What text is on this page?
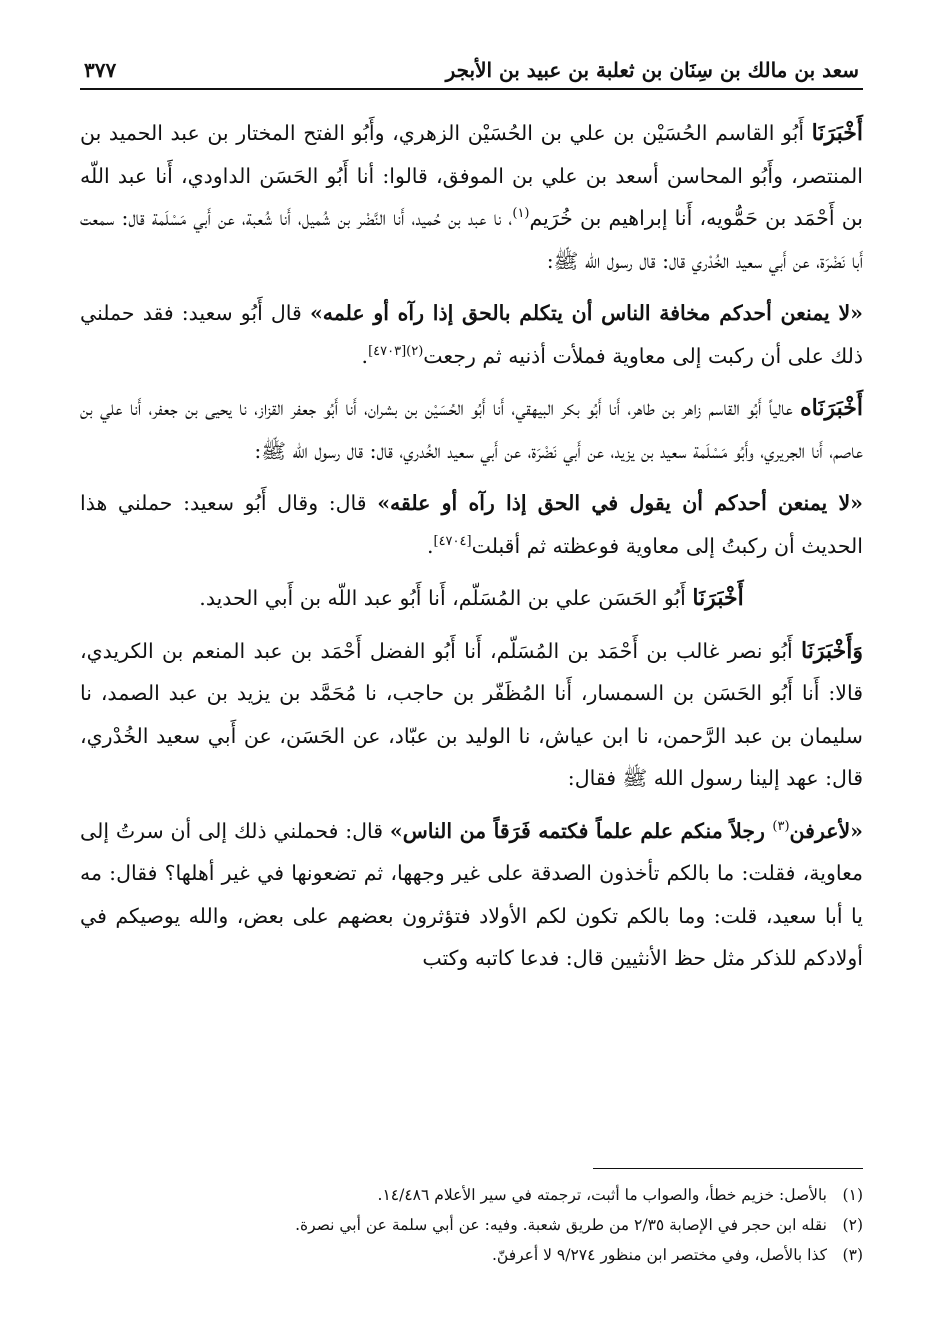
سعد بن مالك بن سِنَان بن ثعلبة بن عبيد بن الأبجر
٣٧٧

أَخْبَرَنَا أَبُو القاسم الحُسَيْن بن علي بن الحُسَيْن الزهري، وأَبُو الفتح المختار بن عبد الحميد بن المنتصر، وأَبُو المحاسن أسعد بن علي بن الموفق، قالوا: أنا أَبُو الحَسَن الداودي، أَنا عبد اللّه بن أَحْمَد بن حَمُّويه، أَنا إبراهيم بن خُرَيم$^{(١)}$، نا عبد بن حُميد، أَنا النَّضْر بن شُميل، أَنا شُعبة، عن أَبي مَسْلَمة قال: سمعت أَبا نَضْرَة، عن أَبي سعيد الخُدْري قال: قال رسول الله ﷺ:

«لا يمنعن أحدكم مخافة الناس أن يتكلم بالحق إذا رآه أو علمه» قال أَبُو سعيد: فقد حملني ذلك على أن ركبت إلى معاوية فملأت أذنيه ثم رجعت$^{(٢)[٤٧٠٣]}$.

أَخْبَرَنَاه عالياً أَبُو القاسم زاهر بن طاهر، أَنا أَبُو بكر البيهقي، أَنا أَبُو الحُسَيْن بن بشران، أَنا أَبُو جعفر القزاز، نا يحيى بن جعفر، أَنا علي بن عاصم، أَنا الجريري، وأَبُو مَسْلَمة سعيد بن يزيد، عن أَبي نَضْرَة، عن أَبي سعيد الخُدري، قال: قال رسول الله ﷺ:

«لا يمنعن أحدكم أن يقول في الحق إذا رآه أو علقه» قال: وقال أَبُو سعيد: حملني هذا الحديث أن ركبتُ إلى معاوية فوعظته ثم أقبلت[٤٧٠٤].

أَخْبَرَنَا أَبُو الحَسَن علي بن المُسَلّم، أَنا أَبُو عبد اللّه بن أَبي الحديد.

وَأَخْبَرَنَا أَبُو نصر غالب بن أَحْمَد بن المُسَلّم، أَنا أَبُو الفضل أَحْمَد بن عبد المنعم بن الكريدي، قالا: أَنا أَبُو الحَسَن بن السمسار، أَنا المُظَفّر بن حاجب، نا مُحَمَّد بن يزيد بن عبد الصمد، نا سليمان بن عبد الرَّحمن، نا ابن عياش، نا الوليد بن عبّاد، عن الحَسَن، عن أَبي سعيد الخُدْري، قال: عهد إلينا رسول الله ﷺ فقال:

«لأعرفن$^{(٣)}$ رجلاً منكم علم علماً فكتمه فَرَقاً من الناس» قال: فحملني ذلك إلى أن سرتُ إلى معاوية، فقلت: ما بالكم تأخذون الصدقة على غير وجهها، ثم تضعونها في غير أهلها؟ فقال: مه يا أبا سعيد، قلت: وما بالكم تكون لكم الأولاد فتؤثرون بعضهم على بعض، والله يوصيكم في أولادكم للذكر مثل حظ الأنثيين قال: فدعا كاتبه وكتب

(١)
بالأصل: خزيم خطأ، والصواب ما أثبت، ترجمته في سير الأعلام ١٤/٤٨٦.
(٢)
نقله ابن حجر في الإصابة ٢/٣٥ من طريق شعبة. وفيه: عن أبي سلمة عن أبي نصرة.
(٣)
كذا بالأصل، وفي مختصر ابن منظور ٩/٢٧٤ لا أعرفنّ.
